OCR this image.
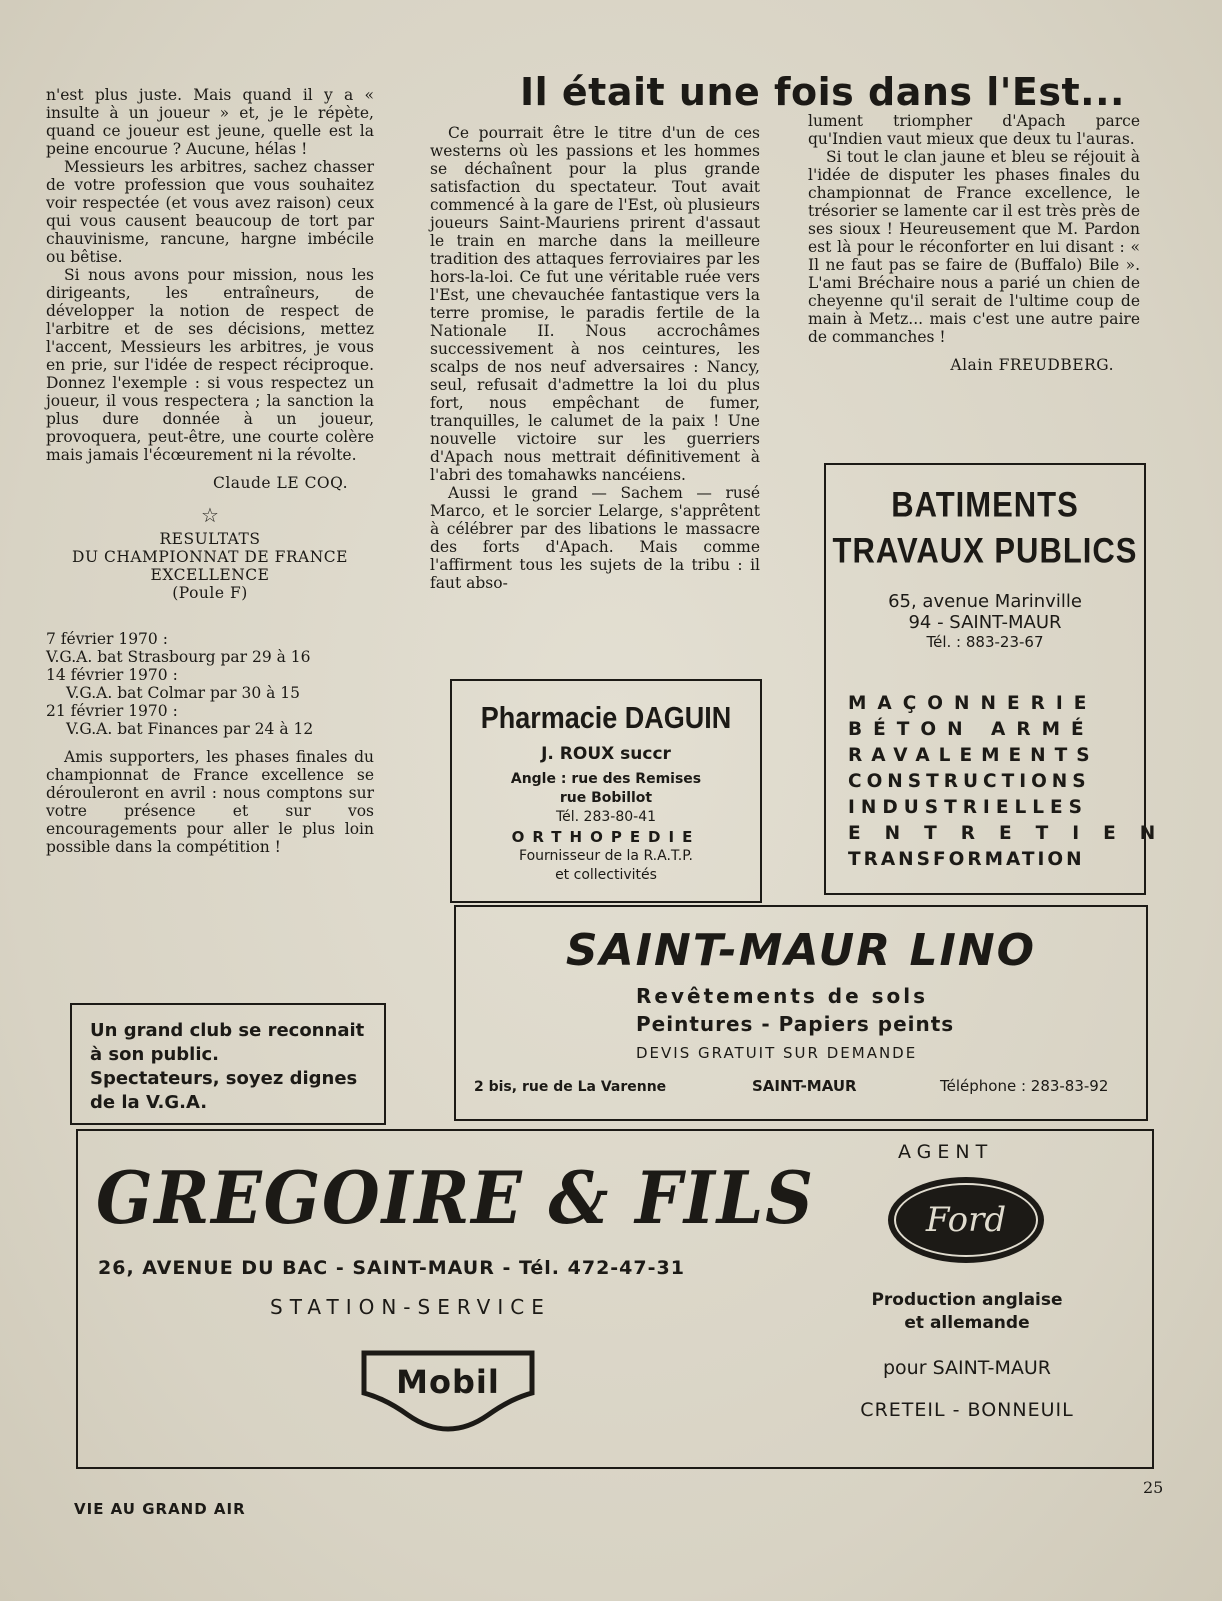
Il était une fois dans l'Est...

n'est plus juste. Mais quand il y a « insulte à un joueur » et, je le répète, quand ce joueur est jeune, quelle est la peine encourue ? Aucune, hélas !

Messieurs les arbitres, sachez chasser de votre profession que vous souhaitez voir respectée (et vous avez raison) ceux qui vous causent beaucoup de tort par chauvinisme, rancune, hargne imbécile ou bêtise.

Si nous avons pour mission, nous les dirigeants, les entraîneurs, de développer la notion de respect de l'arbitre et de ses décisions, mettez l'accent, Messieurs les arbitres, je vous en prie, sur l'idée de respect réciproque. Donnez l'exemple : si vous respectez un joueur, il vous respectera ; la sanction la plus dure donnée à un joueur, provoquera, peut-être, une courte colère mais jamais l'écœurement ni la révolte.

Claude LE COQ.

☆
RESULTATS
DU CHAMPIONNAT DE FRANCE
EXCELLENCE
(Poule F)
7 février 1970 :
V.G.A. bat Strasbourg par 29 à 16
14 février 1970 :
V.G.A. bat Colmar par 30 à 15
21 février 1970 :
V.G.A. bat Finances par 24 à 12

Amis supporters, les phases finales du championnat de France excellence se dérouleront en avril : nous comptons sur votre présence et sur vos encouragements pour aller le plus loin possible dans la compétition !

Ce pourrait être le titre d'un de ces westerns où les passions et les hommes se déchaînent pour la plus grande satisfaction du spectateur. Tout avait commencé à la gare de l'Est, où plusieurs joueurs Saint-Mauriens prirent d'assaut le train en marche dans la meilleure tradition des attaques ferroviaires par les hors-la-loi. Ce fut une véritable ruée vers l'Est, une chevauchée fantastique vers la terre promise, le paradis fertile de la Nationale II. Nous accrochâmes successivement à nos ceintures, les scalps de nos neuf adversaires : Nancy, seul, refusait d'admettre la loi du plus fort, nous empêchant de fumer, tranquilles, le calumet de la paix ! Une nouvelle victoire sur les guerriers d'Apach nous mettrait définitivement à l'abri des tomahawks nancéiens.

Aussi le grand — Sachem — rusé Marco, et le sorcier Lelarge, s'apprêtent à célébrer par des libations le massacre des forts d'Apach. Mais comme l'affirment tous les sujets de la tribu : il faut abso-

lument triompher d'Apach parce qu'Indien vaut mieux que deux tu l'auras.

Si tout le clan jaune et bleu se réjouit à l'idée de disputer les phases finales du championnat de France excellence, le trésorier se lamente car il est très près de ses sioux ! Heureusement que M. Pardon est là pour le réconforter en lui disant : « Il ne faut pas se faire de (Buffalo) Bile ». L'ami Bréchaire nous a parié un chien de cheyenne qu'il serait de l'ultime coup de main à Metz... mais c'est une autre paire de commanches !

Alain FREUDBERG.

Un grand club se reconnait
à son public.
Spectateurs, soyez dignes
de la V.G.A.
BATIMENTS
TRAVAUX PUBLICS
65, avenue Marinville
94 - SAINT-MAUR
Tél. : 883-23-67
MAÇONNERIE
BÉTON ARMÉ
RAVALEMENTS
CONSTRUCTIONS
INDUSTRIELLES
ENTRETIEN
TRANSFORMATION
Pharmacie DAGUIN
J. ROUX succr
Angle : rue des Remises
rue Bobillot
Tél. 283-80-41
ORTHOPEDIE
Fournisseur de la R.A.T.P.
et collectivités
SAINT-MAUR LINO
Revêtements de sols
Peintures - Papiers peints
DEVIS GRATUIT SUR DEMANDE
2 bis, rue de La Varenne	SAINT-MAUR	Téléphone : 283-83-92
GREGOIRE & FILS
26, AVENUE DU BAC - SAINT-MAUR - Tél. 472-47-31
STATION-SERVICE
Mobil
AGENT
Ford
Production anglaise
et allemande
pour SAINT-MAUR
CRETEIL - BONNEUIL
VIE AU GRAND AIR
25
